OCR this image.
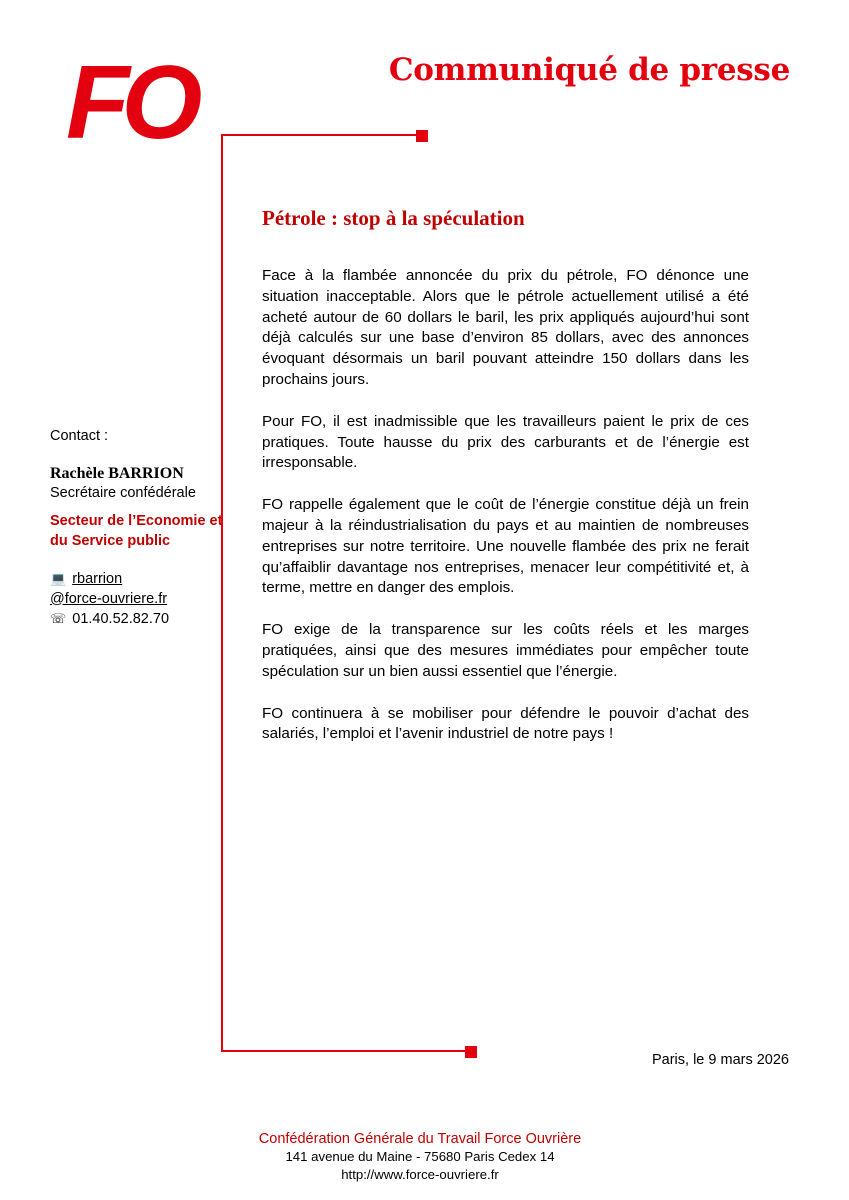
FO	Communiqué de presse
Pétrole : stop à la spéculation

Face à la flambée annoncée du prix du pétrole, FO dénonce une situation inacceptable. Alors que le pétrole actuellement utilisé a été acheté autour de 60 dollars le baril, les prix appliqués aujourd’hui sont déjà calculés sur une base d’environ 85 dollars, avec des annonces évoquant désormais un baril pouvant atteindre 150 dollars dans les prochains jours.

Pour FO, il est inadmissible que les travailleurs paient le prix de ces pratiques. Toute hausse du prix des carburants et de l’énergie est irresponsable.

FO rappelle également que le coût de l’énergie constitue déjà un frein majeur à la réindustrialisation du pays et au maintien de nombreuses entreprises sur notre territoire. Une nouvelle flambée des prix ne ferait qu’affaiblir davantage nos entreprises, menacer leur compétitivité et, à terme, mettre en danger des emplois.

FO exige de la transparence sur les coûts réels et les marges pratiquées, ainsi que des mesures immédiates pour empêcher toute spéculation sur un bien aussi essentiel que l’énergie.

FO continuera à se mobiliser pour défendre le pouvoir d’achat des salariés, l’emploi et l’avenir industriel de notre pays !

Contact :
Rachèle BARRION
Secrétaire confédérale
Secteur de l’Economie et du Service public
💻 rbarrion
@force-ouvriere.fr
☏ 01.40.52.82.70
Paris, le 9 mars 2026
Confédération Générale du Travail Force Ouvrière
141 avenue du Maine - 75680 Paris Cedex 14
http://www.force-ouvriere.fr
